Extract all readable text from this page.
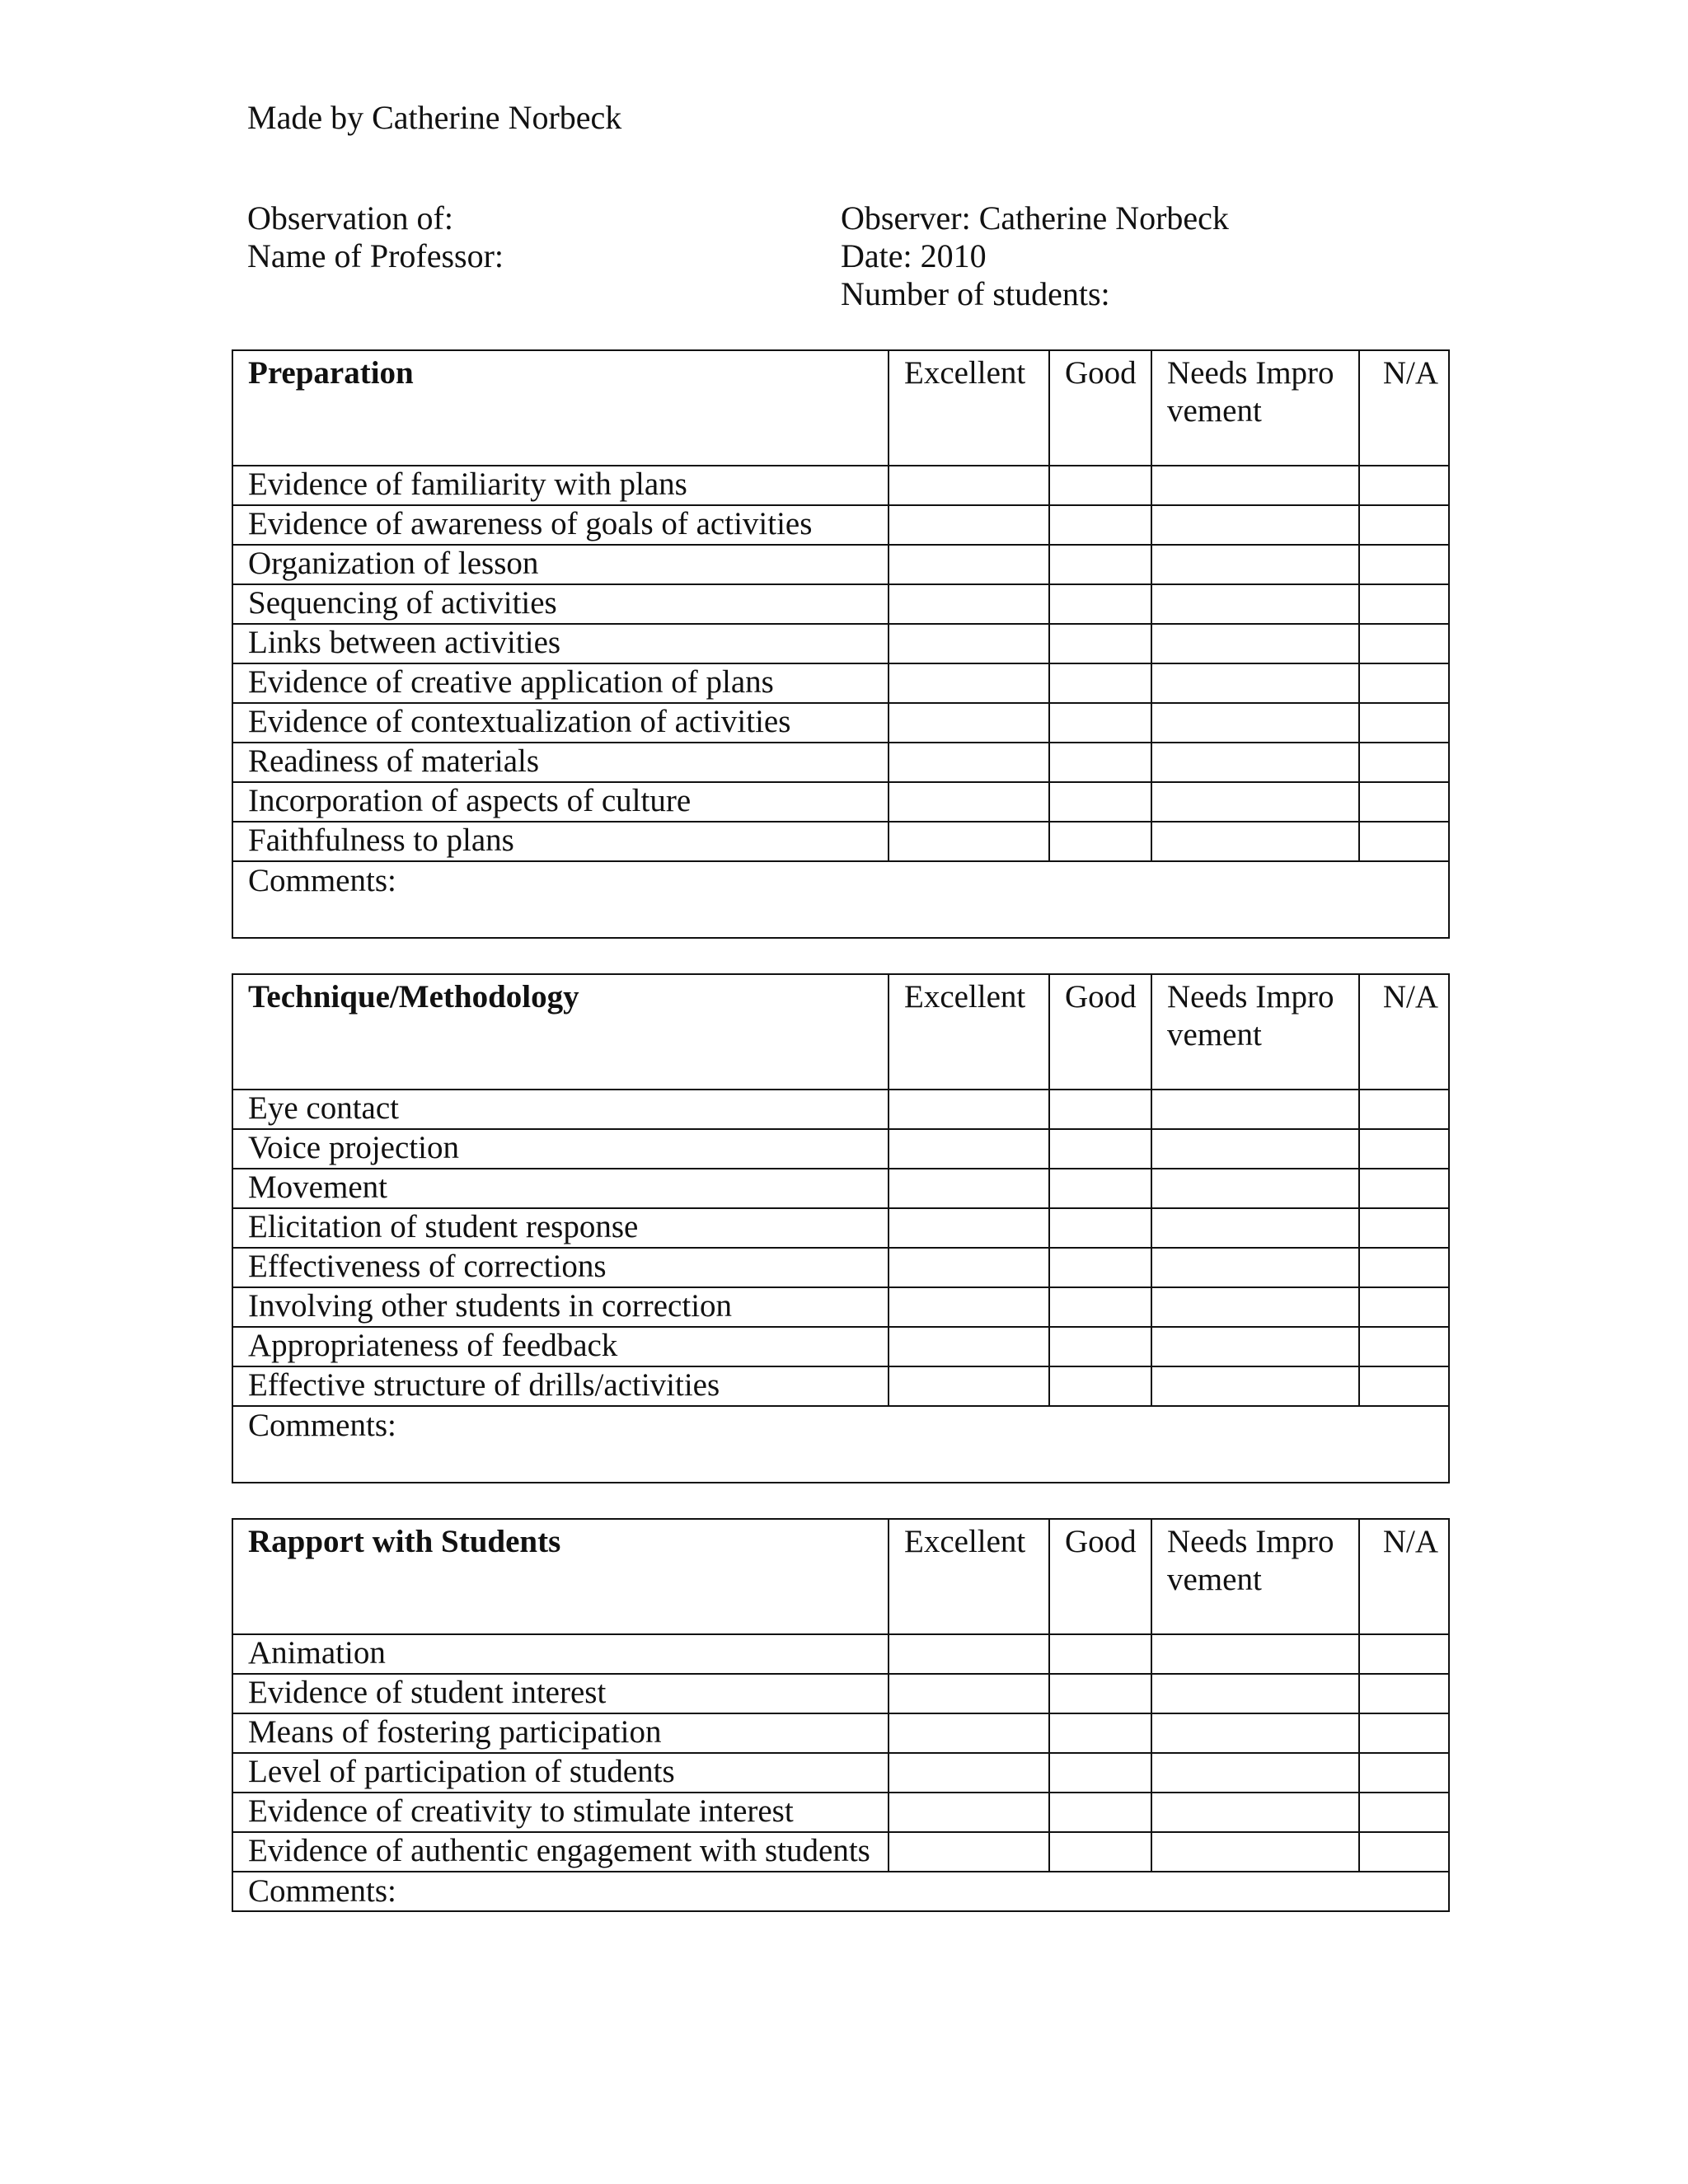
Made by Catherine Norbeck
Observation of:
Name of Professor:
Observer: Catherine Norbeck
Date: 2010
Number of students:
Preparation	Excellent	Good	Needs Improvement	N/A
Evidence of familiarity with plans				
Evidence of awareness of goals of activities				
Organization of lesson				
Sequencing of activities				
Links between activities				
Evidence of creative application of plans				
Evidence of contextualization of activities				
Readiness of materials				
Incorporation of aspects of culture				
Faithfulness to plans				
Comments:				
Technique/Methodology	Excellent	Good	Needs Improvement	N/A
Eye contact				
Voice projection				
Movement				
Elicitation of student response				
Effectiveness of corrections				
Involving other students in correction				
Appropriateness of feedback				
Effective structure of drills/activities				
Comments:				
Rapport with Students	Excellent	Good	Needs Improvement	N/A
Animation				
Evidence of student interest				
Means of fostering participation				
Level of participation of students				
Evidence of creativity to stimulate interest				
Evidence of authentic engagement with students				
Comments:				
